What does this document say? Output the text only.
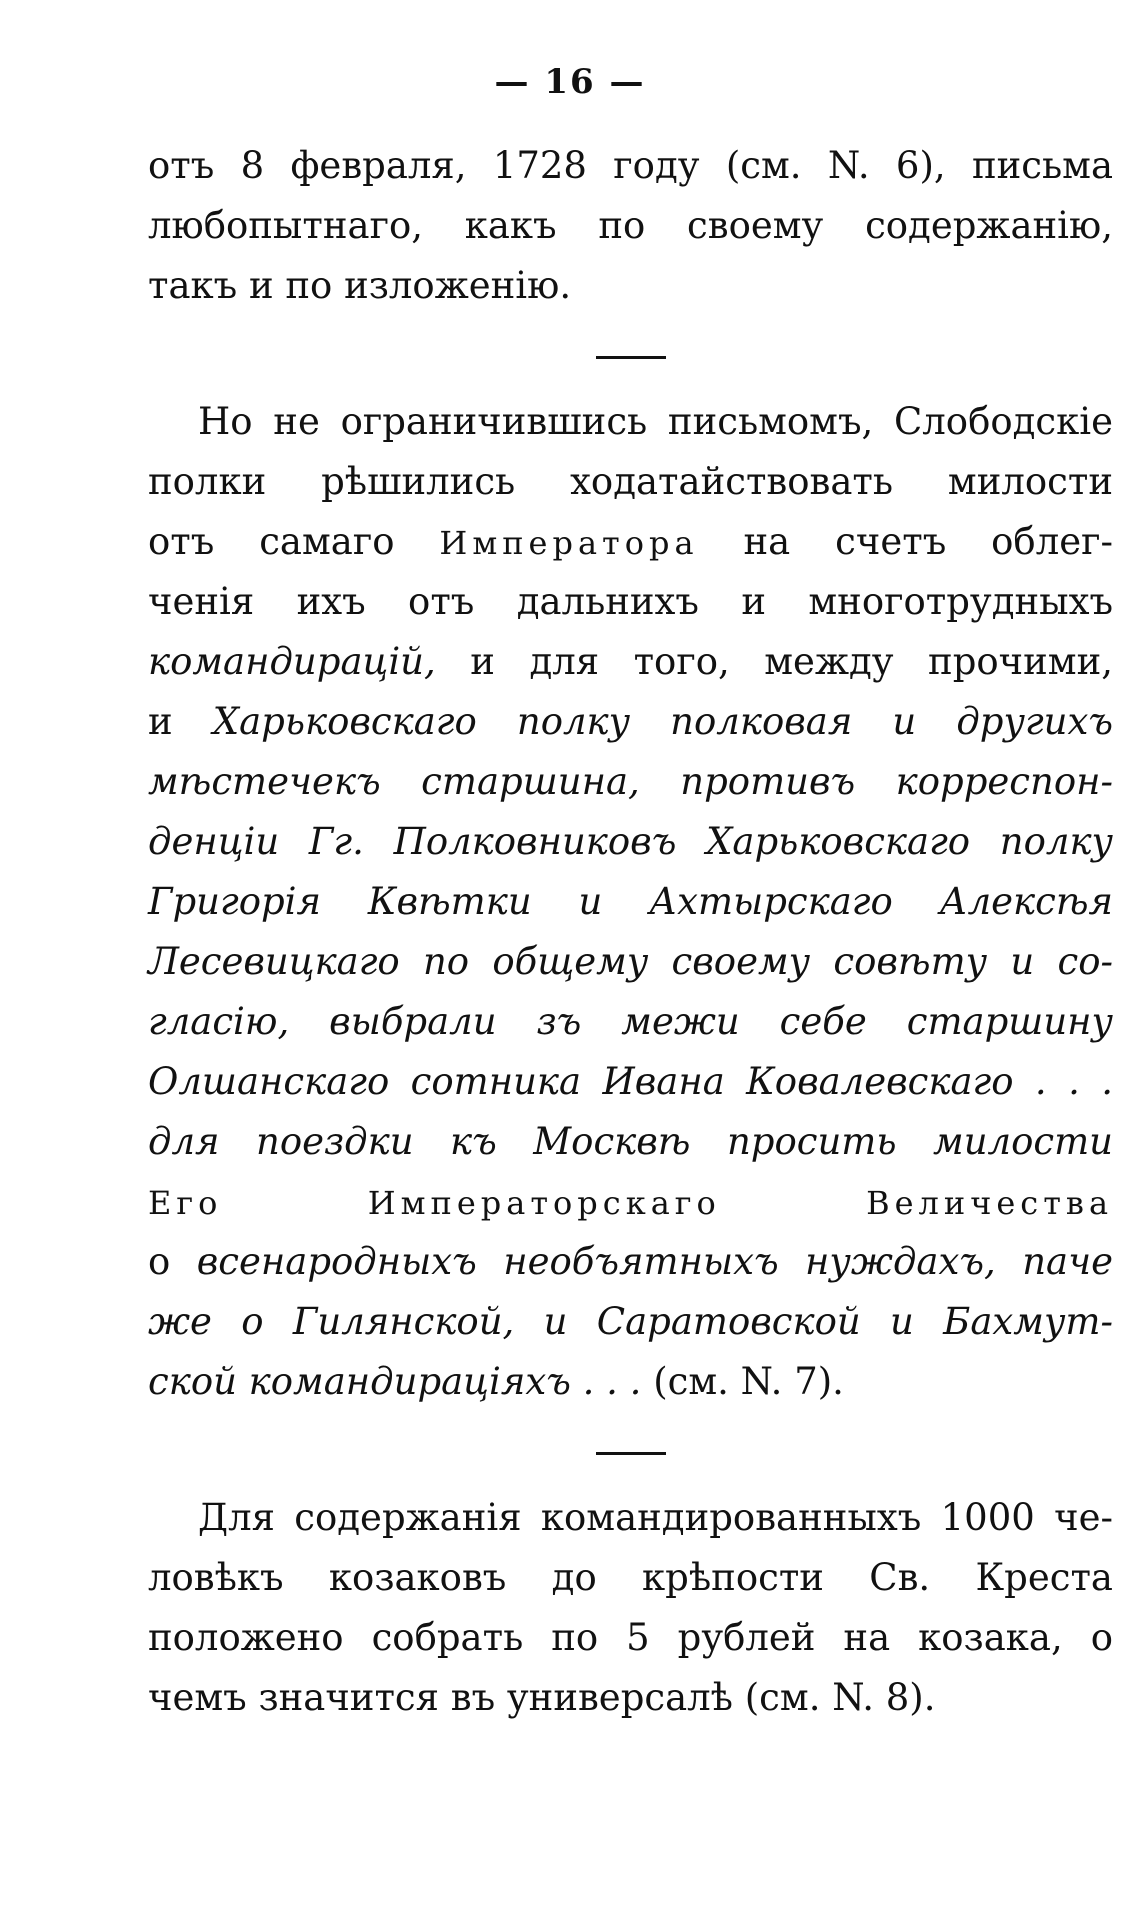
— 16 —
отъ 8 февраля, 1728 году (см. N. 6), письма
любопытнаго, какъ по своему содержанію,
такъ и по изложенію.
Но не ограничившись письмомъ, Слободскіе
полки рѣшились ходатайствовать милости
отъ самаго Императора на счетъ облег-
ченія ихъ отъ дальнихъ и многотрудныхъ
командирацій, и для того, между прочими,
и Харьковскаго полку полковая и другихъ
мѣстечекъ старшина, противъ корреспон-
денціи Гг. Полковниковъ Харьковскаго полку
Григорія Квѣтки и Ахтырскаго Алексѣя
Лесевицкаго по общему своему совѣту и со-
гласію, выбрали зъ межи себе старшину
Олшанскаго сотника Ивана Ковалевскаго . . .
для поездки къ Москвѣ просить милости
Его	Императорскаго	Величества
о всенародныхъ необъятныхъ нуждахъ, паче
же о Гилянской, и Саратовской и Бахмут-
ской командираціяхъ . . . (см. N. 7).
Для содержанія командированныхъ 1000 че-
ловѣкъ козаковъ до крѣпости Св. Креста
положено собрать по 5 рублей на козака, о
чемъ значится въ универсалѣ (см. N. 8).
